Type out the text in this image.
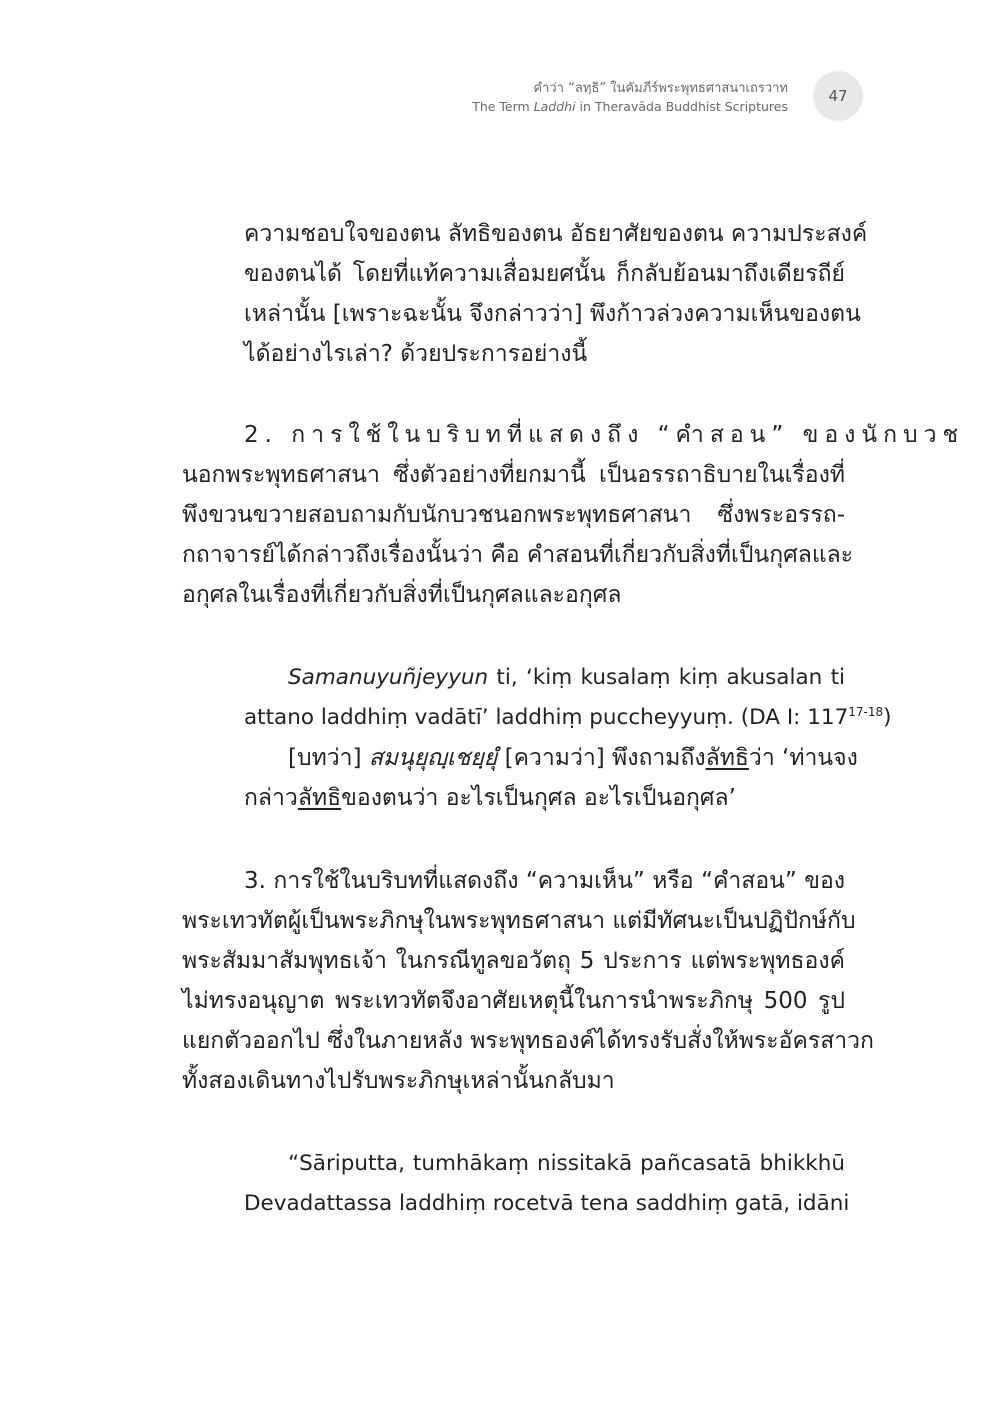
คำว่า “ลทฺธิ” ในคัมภีร์พระพุทธศาสนาเถรวาท
The Term Laddhi in Theravāda Buddhist Scriptures
47
ความชอบใจของตน ลัทธิของตน อัธยาศัยของตน ความประสงค์
ของตนได้ โดยที่แท้ความเสื่อมยศนั้น ก็กลับย้อนมาถึงเดียรถีย์
เหล่านั้น [เพราะฉะนั้น จึงกล่าวว่า] พึงก้าวล่วงความเห็นของตน
ได้อย่างไรเล่า? ด้วยประการอย่างนี้
2. การใช้ในบริบทที่แสดงถึง “คำสอน” ของนักบวช
นอกพระพุทธศาสนา ซึ่งตัวอย่างที่ยกมานี้ เป็นอรรถาธิบายในเรื่องที่
พึงขวนขวายสอบถามกับนักบวชนอกพระพุทธศาสนา ซึ่งพระอรรถ-
กถาจารย์ได้กล่าวถึงเรื่องนั้นว่า คือ คำสอนที่เกี่ยวกับสิ่งที่เป็นกุศลและ
อกุศลในเรื่องที่เกี่ยวกับสิ่งที่เป็นกุศลและอกุศล
Samanuyuñjeyyun ti, ‘kiṃ kusalaṃ kiṃ akusalan ti
attano laddhiṃ vadātī’ laddhiṃ puccheyyuṃ. (DA I: 117$^{17-18}$)
[บทว่า] สมนุยุญฺเชยฺยุํ [ความว่า] พึงถามถึงลัทธิว่า ‘ท่านจง
กล่าวลัทธิของตนว่า อะไรเป็นกุศล อะไรเป็นอกุศล’
3. การใช้ในบริบทที่แสดงถึง “ความเห็น” หรือ “คำสอน” ของ
พระเทวทัตผู้เป็นพระภิกษุในพระพุทธศาสนา แต่มีทัศนะเป็นปฏิปักษ์กับ
พระสัมมาสัมพุทธเจ้า ในกรณีทูลขอวัตถุ 5 ประการ แต่พระพุทธองค์
ไม่ทรงอนุญาต พระเทวทัตจึงอาศัยเหตุนี้ในการนำพระภิกษุ 500 รูป
แยกตัวออกไป ซึ่งในภายหลัง พระพุทธองค์ได้ทรงรับสั่งให้พระอัครสาวก
ทั้งสองเดินทางไปรับพระภิกษุเหล่านั้นกลับมา
“Sāriputta, tumhākaṃ nissitakā pañcasatā bhikkhū
Devadattassa laddhiṃ rocetvā tena saddhiṃ gatā, idāni
